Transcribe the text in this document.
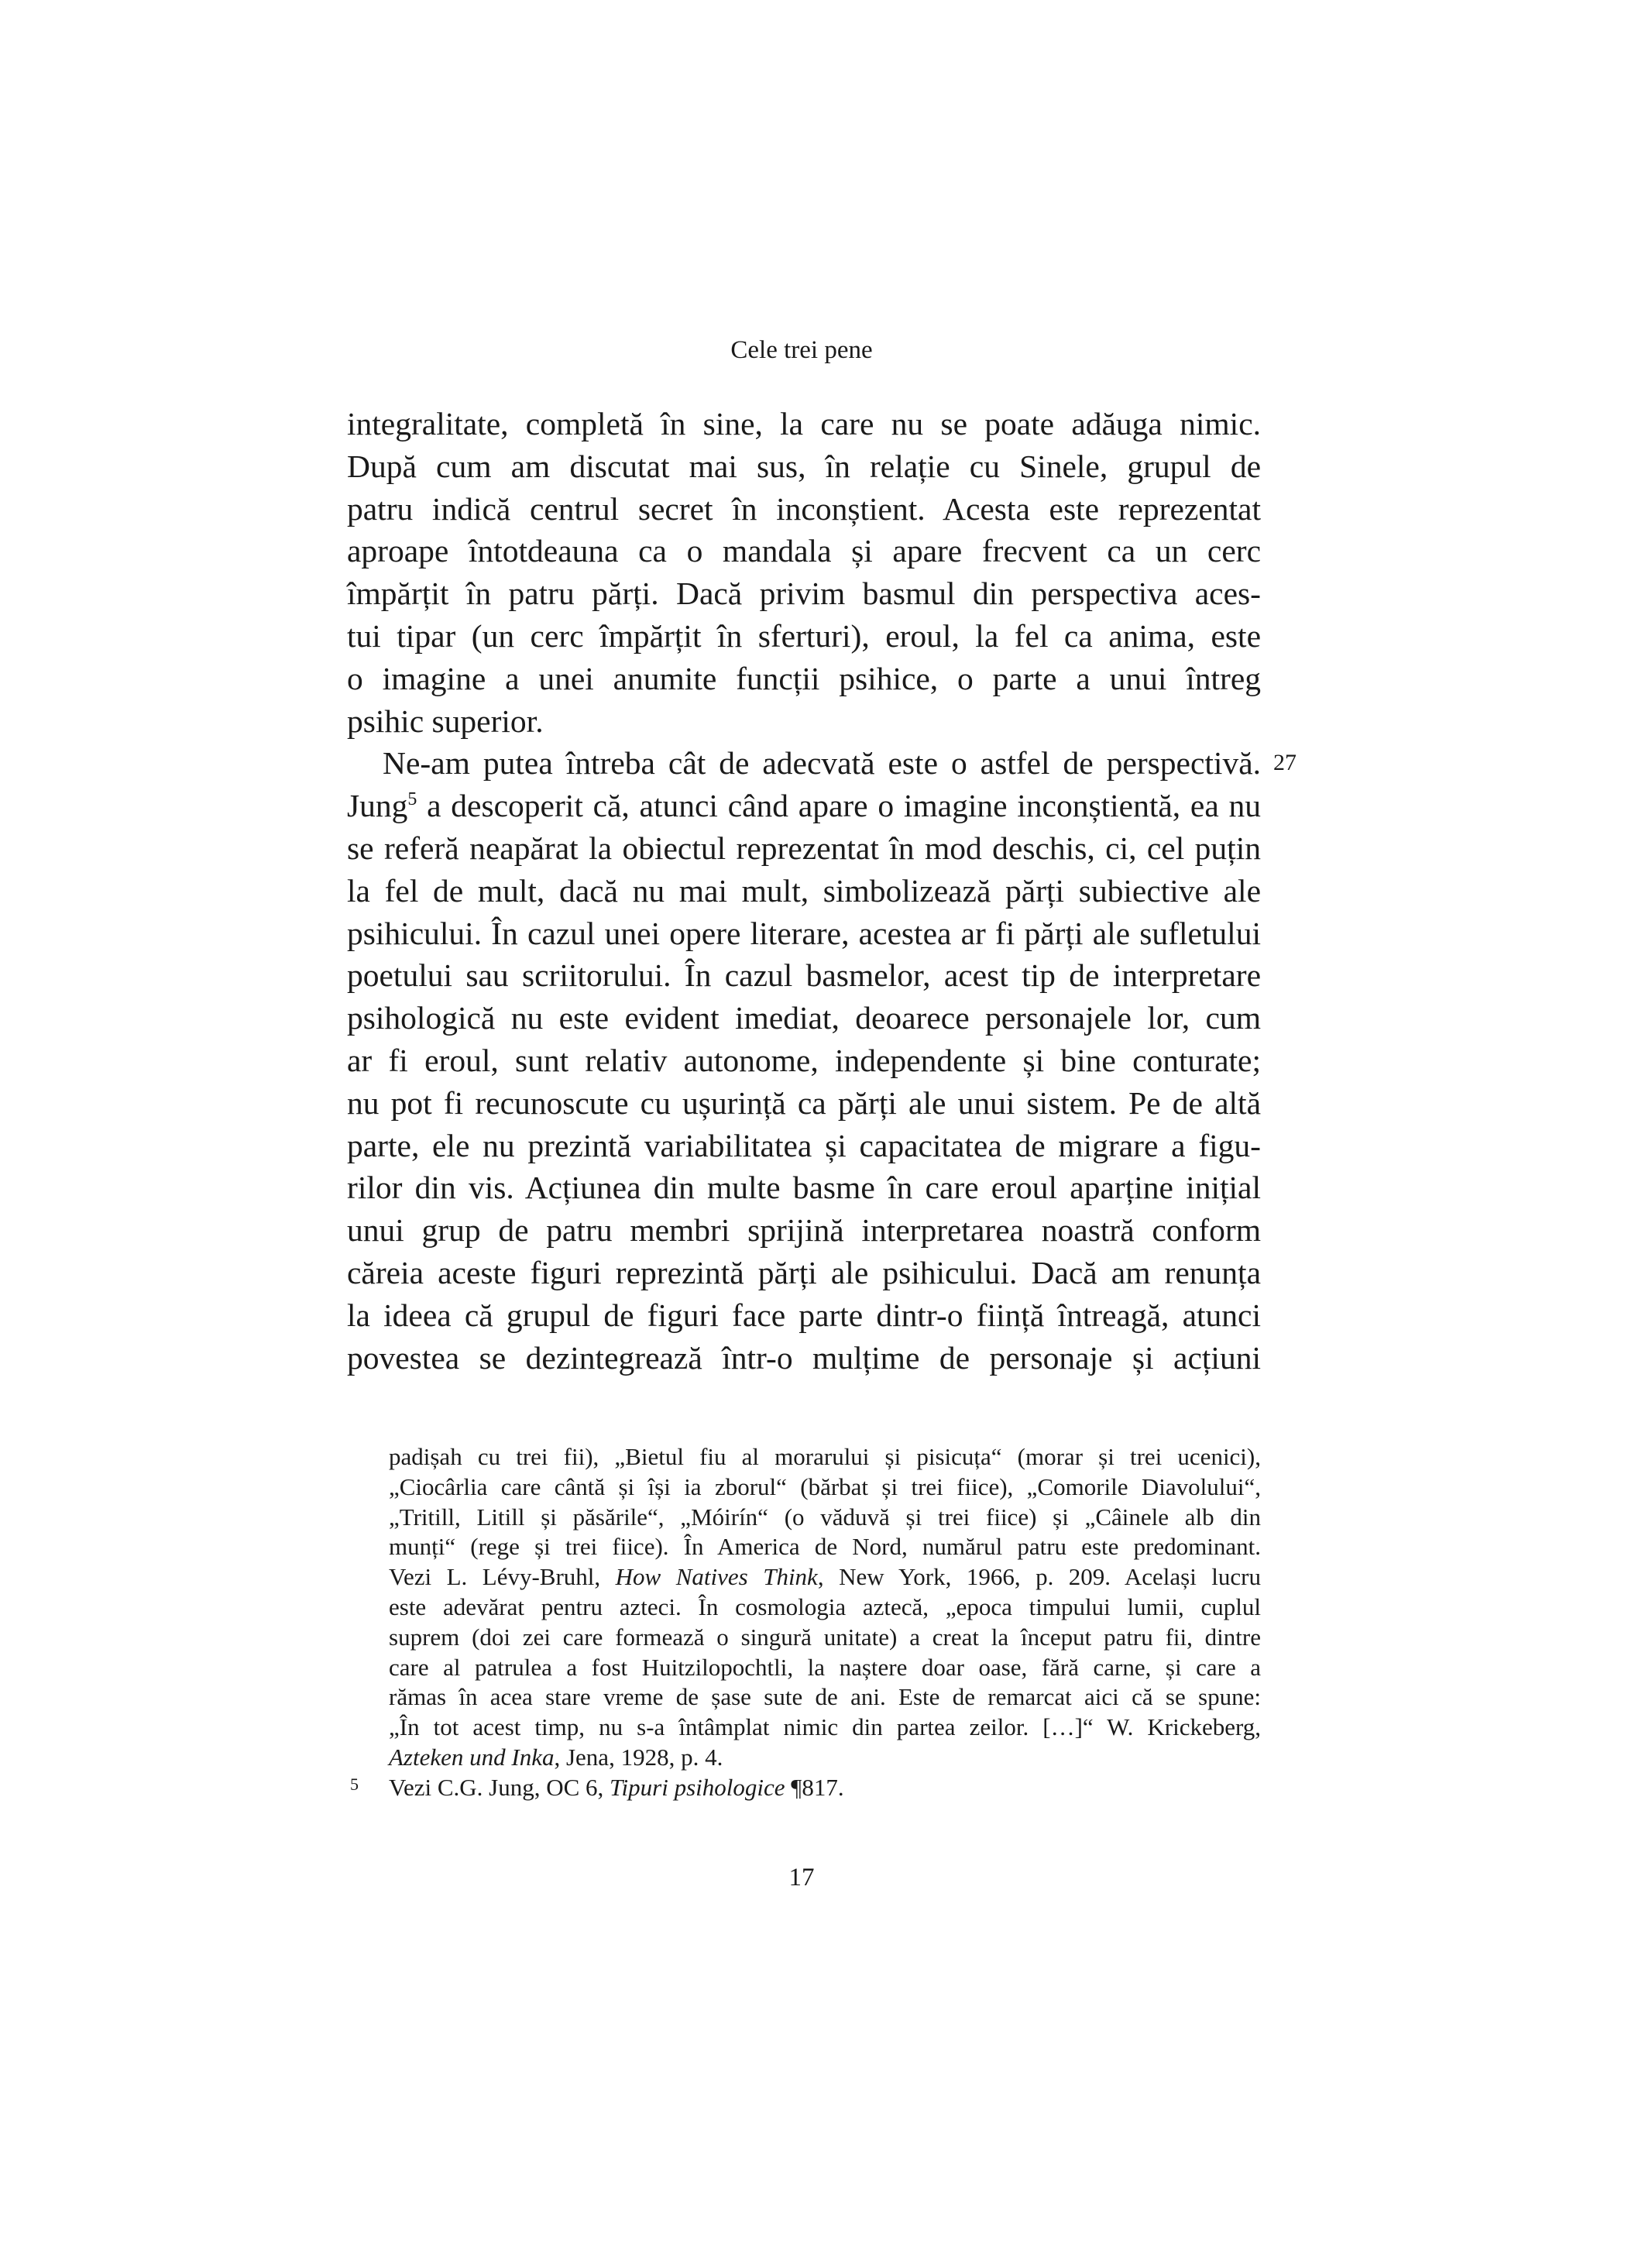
Cele trei pene

integralitate, completă în sine, la care nu se poate adăuga nimic.
După cum am discutat mai sus, în relație cu Sinele, grupul de
patru indică centrul secret în inconștient. Acesta este reprezentat
aproape întotdeauna ca o mandala și apare frecvent ca un cerc
împărțit în patru părți. Dacă privim basmul din perspectiva aces-
tui tipar (un cerc împărțit în sferturi), eroul, la fel ca anima, este
o imagine a unei anumite funcții psihice, o parte a unui întreg
psihic superior.

27
Ne-am putea întreba cât de adecvată este o astfel de perspectivă.
Jung$^5$ a descoperit că, atunci când apare o imagine inconștientă, ea nu
se referă neapărat la obiectul reprezentat în mod deschis, ci, cel puțin
la fel de mult, dacă nu mai mult, simbolizează părți subiective ale
psihicului. În cazul unei opere literare, acestea ar fi părți ale sufletului
poetului sau scriitorului. În cazul basmelor, acest tip de interpretare
psihologică nu este evident imediat, deoarece personajele lor, cum
ar fi eroul, sunt relativ autonome, independente și bine conturate;
nu pot fi recunoscute cu ușurință ca părți ale unui sistem. Pe de altă
parte, ele nu prezintă variabilitatea și capacitatea de migrare a figu-
rilor din vis. Acțiunea din multe basme în care eroul aparține inițial
unui grup de patru membri sprijină interpretarea noastră conform
căreia aceste figuri reprezintă părți ale psihicului. Dacă am renunța
la ideea că grupul de figuri face parte dintr-o ființă întreagă, atunci
povestea se dezintegrează într-o mulțime de personaje și acțiuni

padișah cu trei fii), „Bietul fiu al morarului și pisicuța“ (morar și trei ucenici),
„Ciocârlia care cântă și își ia zborul“ (bărbat și trei fiice), „Comorile Diavolului“,
„Tritill, Litill și păsările“, „Móirín“ (o văduvă și trei fiice) și „Câinele alb din
munți“ (rege și trei fiice). În America de Nord, numărul patru este predominant.
Vezi L. Lévy-Bruhl, How Natives Think, New York, 1966, p. 209. Același lucru
este adevărat pentru azteci. În cosmologia aztecă, „epoca timpului lumii, cuplul
suprem (doi zei care formează o singură unitate) a creat la început patru fii, dintre
care al patrulea a fost Huitzilopochtli, la naștere doar oase, fără carne, și care a
rămas în acea stare vreme de șase sute de ani. Este de remarcat aici că se spune:
„În tot acest timp, nu s-a întâmplat nimic din partea zeilor. […]“ W. Krickeberg,
Azteken und Inka, Jena, 1928, p. 4.
5	Vezi C.G. Jung, OC 6, Tipuri psihologice ¶817.
17
